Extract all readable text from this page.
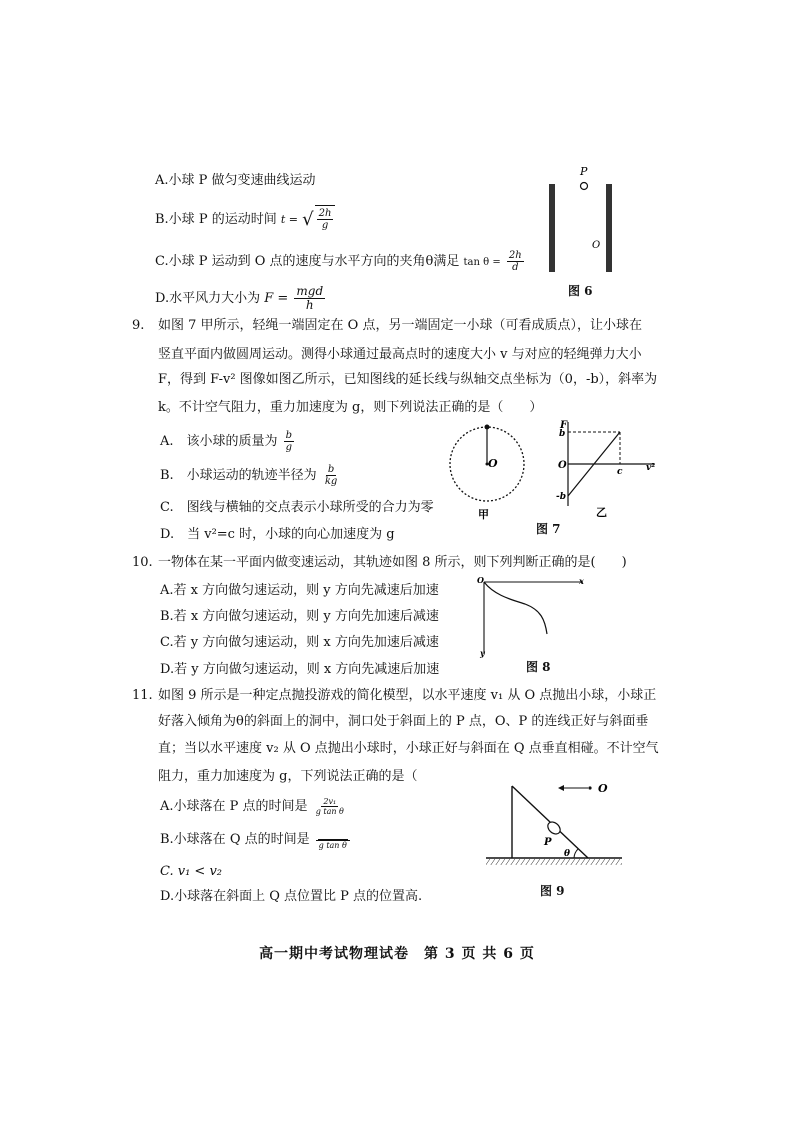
A.小球 P 做匀变速曲线运动
B.小球 P 的运动时间 t = √ $\frac{2h}{g}$
C.小球 P 运动到 O 点的速度与水平方向的夹角θ满足 $\tan \theta = \frac{2h}{d}$
D.水平风力大小为 $F = \frac{\text{mgd}}{h}$
P
O
图 6
9. 如图 7 甲所示，轻绳一端固定在 O 点，另一端固定一小球（可看成质点），让小球在
竖直平面内做圆周运动。测得小球通过最高点时的速度大小 v 与对应的轻绳弹力大小
F，得到 F-v² 图像如图乙所示，已知图线的延长线与纵轴交点坐标为（0，-b），斜率为
k。不计空气阻力，重力加速度为 g，则下列说法正确的是（　　）
A.　该小球的质量为 $\frac{b}{g}$
B.　小球运动的轨迹半径为 $\frac{b}{kg}$
C.　图线与横轴的交点表示小球所受的合力为零
D.　当 v²=c 时，小球的向心加速度为 g
O
甲
F
b
O
c	v²
-b
乙
图 7
10. 一物体在某一平面内做变速运动，其轨迹如图 8 所示，则下列判断正确的是(　　)
A.若 x 方向做匀速运动，则 y 方向先减速后加速
B.若 x 方向做匀速运动，则 y 方向先加速后减速
C.若 y 方向做匀速运动，则 x 方向先加速后减速
D.若 y 方向做匀速运动，则 x 方向先减速后加速
O	x
y
图 8
11. 如图 9 所示是一种定点抛投游戏的简化模型，以水平速度 v₁ 从 O 点抛出小球，小球正
好落入倾角为θ的斜面上的洞中，洞口处于斜面上的 P 点，O、P 的连线正好与斜面垂
直；当以水平速度 v₂ 从 O 点抛出小球时，小球正好与斜面在 Q 点垂直相碰。不计空气
阻力，重力加速度为 g，下列说法正确的是（
A.小球落在 P 点的时间是 $\frac{\text{2v₁}}{\text{g tan θ}}$
B.小球落在 Q 点的时间是 g tan θ
C. v₁ < v₂
D.小球落在斜面上 Q 点位置比 P 点的位置高.
O
P
θ
图 9
高一期中考试物理试卷　第 3 页 共 6 页
